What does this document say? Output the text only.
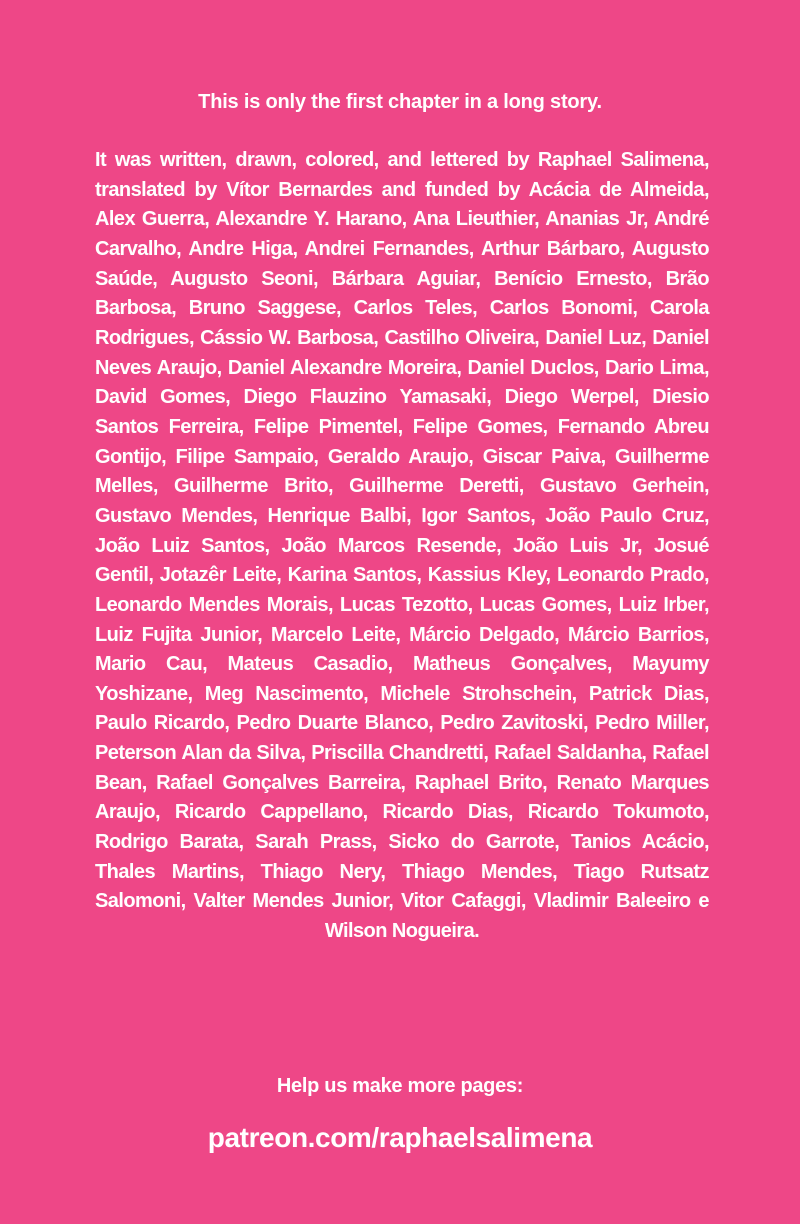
This is only the first chapter in a long story.
It was written, drawn, colored, and lettered by Raphael Salimena, translated by Vítor Bernardes and funded by Acácia de Almeida, Alex Guerra, Alexandre Y. Harano, Ana Lieuthier, Ananias Jr, André Carvalho, Andre Higa, Andrei Fernandes, Arthur Bárbaro, Augusto Saúde, Augusto Seoni, Bárbara Aguiar, Benício Ernesto, Brão Barbosa, Bruno Saggese, Carlos Teles, Carlos Bonomi, Carola Rodrigues, Cássio W. Barbosa, Castilho Oliveira, Daniel Luz, Daniel Neves Araujo, Daniel Alexandre Moreira, Daniel Duclos, Dario Lima, David Gomes, Diego Flauzino Yamasaki, Diego Werpel, Diesio Santos Ferreira, Felipe Pimentel, Felipe Gomes, Fernando Abreu Gontijo, Filipe Sampaio, Geraldo Araujo, Giscar Paiva, Guilherme Melles, Guilherme Brito, Guilherme Deretti, Gustavo Gerhein, Gustavo Mendes, Henrique Balbi, Igor Santos, João Paulo Cruz, João Luiz Santos, João Marcos Resende, João Luis Jr, Josué Gentil, Jotazêr Leite, Karina Santos, Kassius Kley, Leonardo Prado, Leonardo Mendes Morais, Lucas Tezotto, Lucas Gomes, Luiz Irber, Luiz Fujita Junior, Marcelo Leite, Márcio Delgado, Márcio Barrios, Mario Cau, Mateus Casadio, Matheus Gonçalves, Mayumy Yoshizane, Meg Nascimento, Michele Strohschein, Patrick Dias, Paulo Ricardo, Pedro Duarte Blanco, Pedro Zavitoski, Pedro Miller, Peterson Alan da Silva, Priscilla Chandretti, Rafael Saldanha, Rafael Bean, Rafael Gonçalves Barreira, Raphael Brito, Renato Marques Araujo, Ricardo Cappellano, Ricardo Dias, Ricardo Tokumoto, Rodrigo Barata, Sarah Prass, Sicko do Garrote, Tanios Acácio, Thales Martins, Thiago Nery, Thiago Mendes, Tiago Rutsatz Salomoni, Valter Mendes Junior, Vitor Cafaggi, Vladimir Baleeiro e Wilson Nogueira.
Help us make more pages:
patreon.com/raphaelsalimena
